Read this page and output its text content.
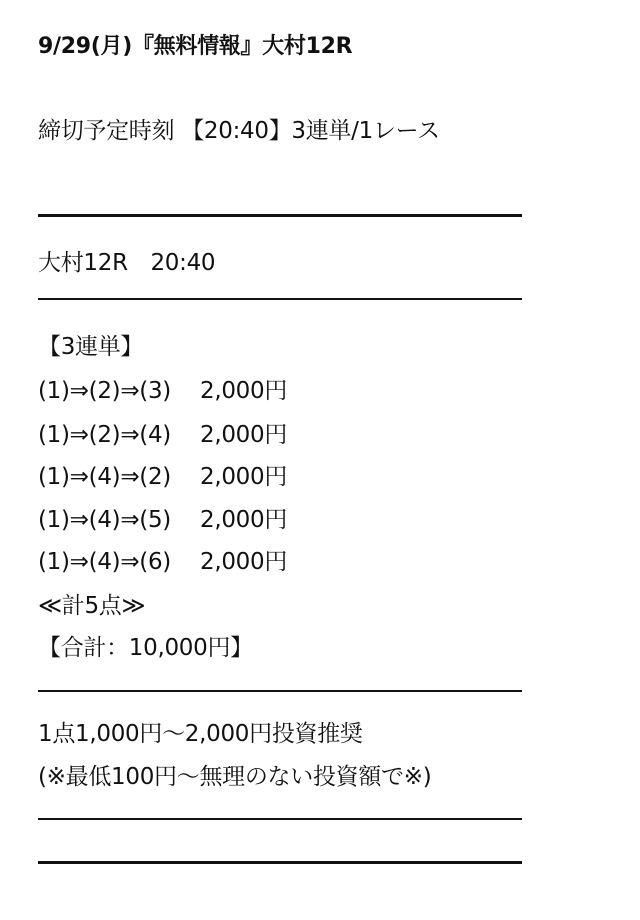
9/29(月)『無料情報』大村12R
締切予定時刻 【20:40】3連単/1レース
大村12R　20:40
【3連単】
(1)⇒(2)⇒(3) 2,000円
(1)⇒(2)⇒(4) 2,000円
(1)⇒(4)⇒(2) 2,000円
(1)⇒(4)⇒(5) 2,000円
(1)⇒(4)⇒(6) 2,000円
≪計5点≫
【合計：10,000円】
1点1,000円～2,000円投資推奨
(※最低100円～無理のない投資額で※)
